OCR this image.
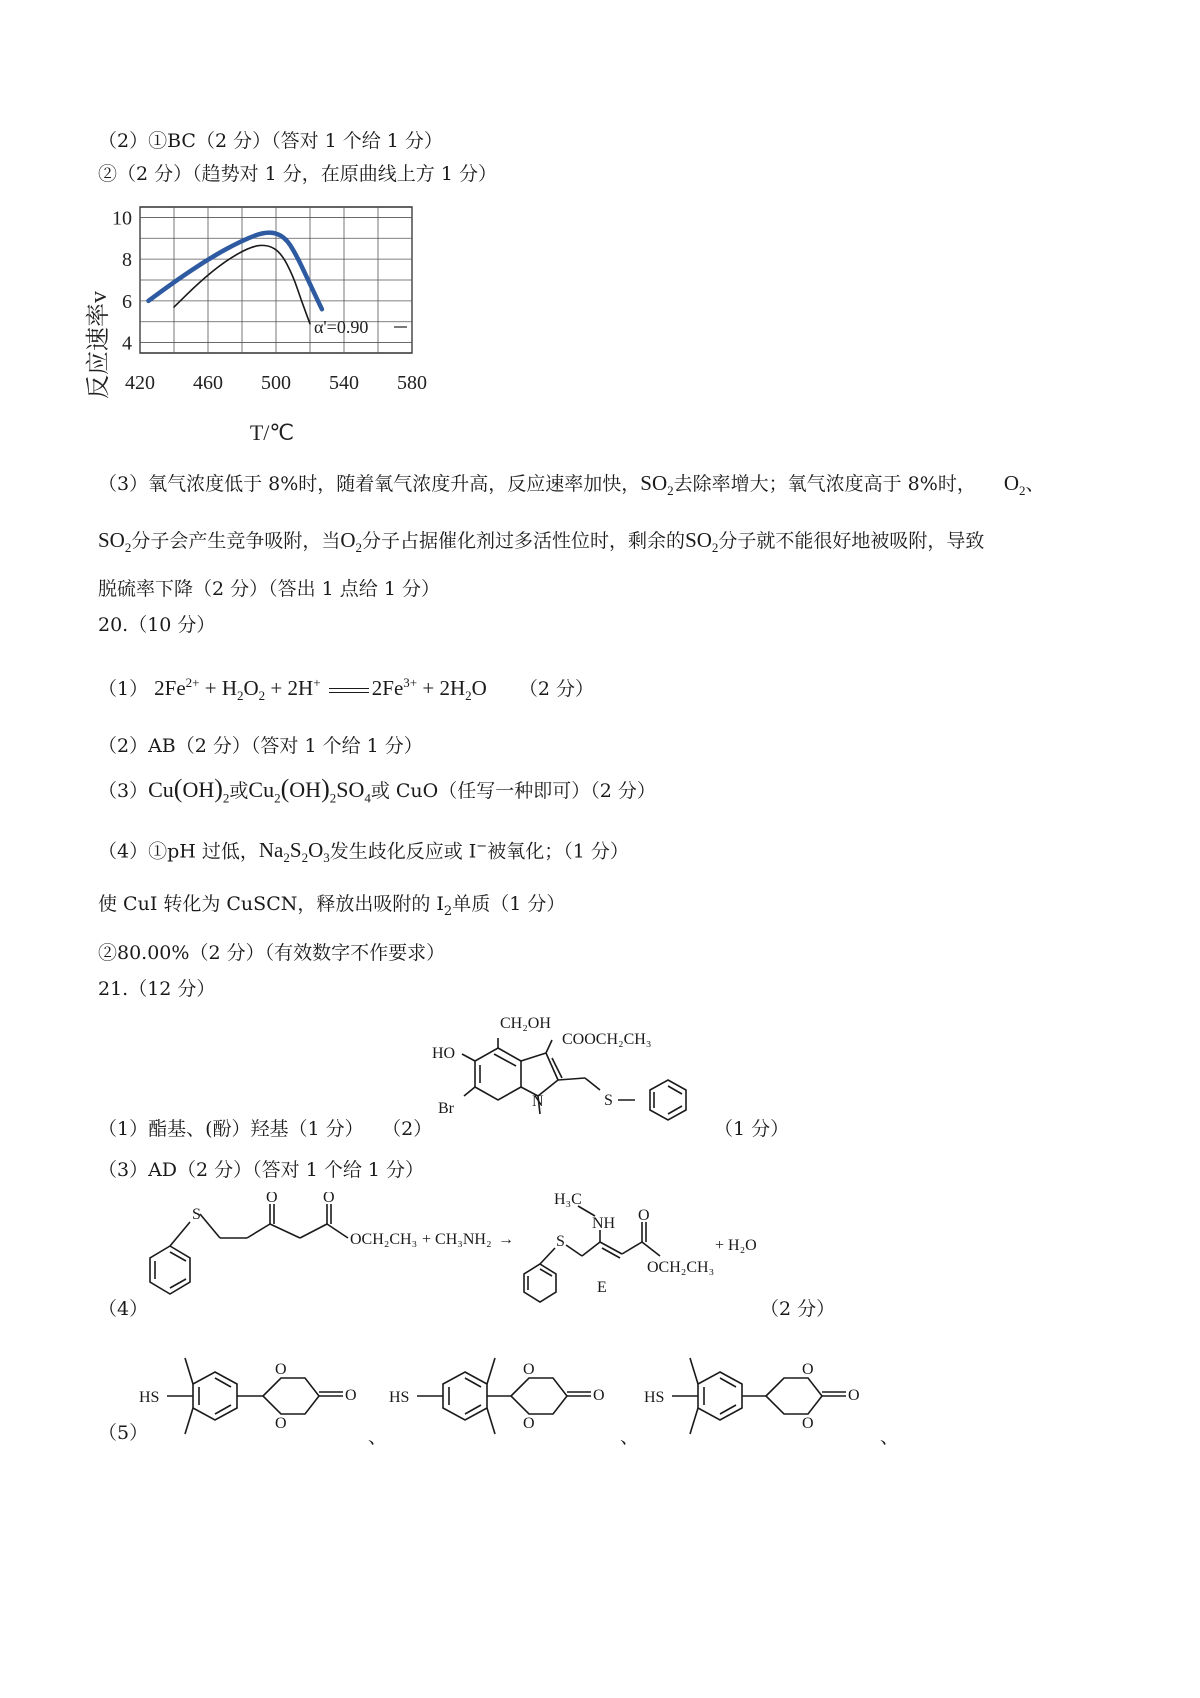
（2）①BC（2 分）（答对 1 个给 1 分）
②（2 分）（趋势对 1 分，在原曲线上方 1 分）
420 460 500 540 580
4
6
8
10
反应速率v
T/℃
α'=0.90
（3）氧气浓度低于 8%时，随着氧气浓度升高，反应速率加快，$SO_2$去除率增大；氧气浓度高于 8%时， $O_2$、
$SO_2$分子会产生竞争吸附，当$O_2$分子占据催化剂过多活性位时，剩余的$SO_2$分子就不能很好地被吸附，导致
脱硫率下降（2 分）（答出 1 点给 1 分）
20.（10 分）
（1） $2Fe^{2+} + H_2O_2 + 2H^+$ $2Fe^{3+} + 2H_2O$ （2 分）
（2）AB（2 分）（答对 1 个给 1 分）
$(3)Cu(OH)_2$或$Cu_2(OH)_2SO_4$或 CuO（任写一种即可）（2 分）
（4）①pH 过低，$Na_2S_2O_3$发生歧化反应或 I−被氧化；（1 分）
使 CuI 转化为 CuSCN，释放出吸附的 $I_2$单质（1 分）
②80.00%（2 分）（有效数字不作要求）
21.（12 分）
（1）酯基、(酚）羟基（1 分） （2）	（1 分）
CH₂OH
COOCH₂CH₃
HO
Br	N	S
（3）AD（2 分）（答对 1 个给 1 分）
S
O	O
OCH₂CH₃ + CH₃NH₂ →
H₃C
NH
S
O
OCH₂CH₃
E
+ H₂O
（4）	（2 分）
HS
O
O
O HS
O
O
O HS
O
O
O
（5）	、	、	、
